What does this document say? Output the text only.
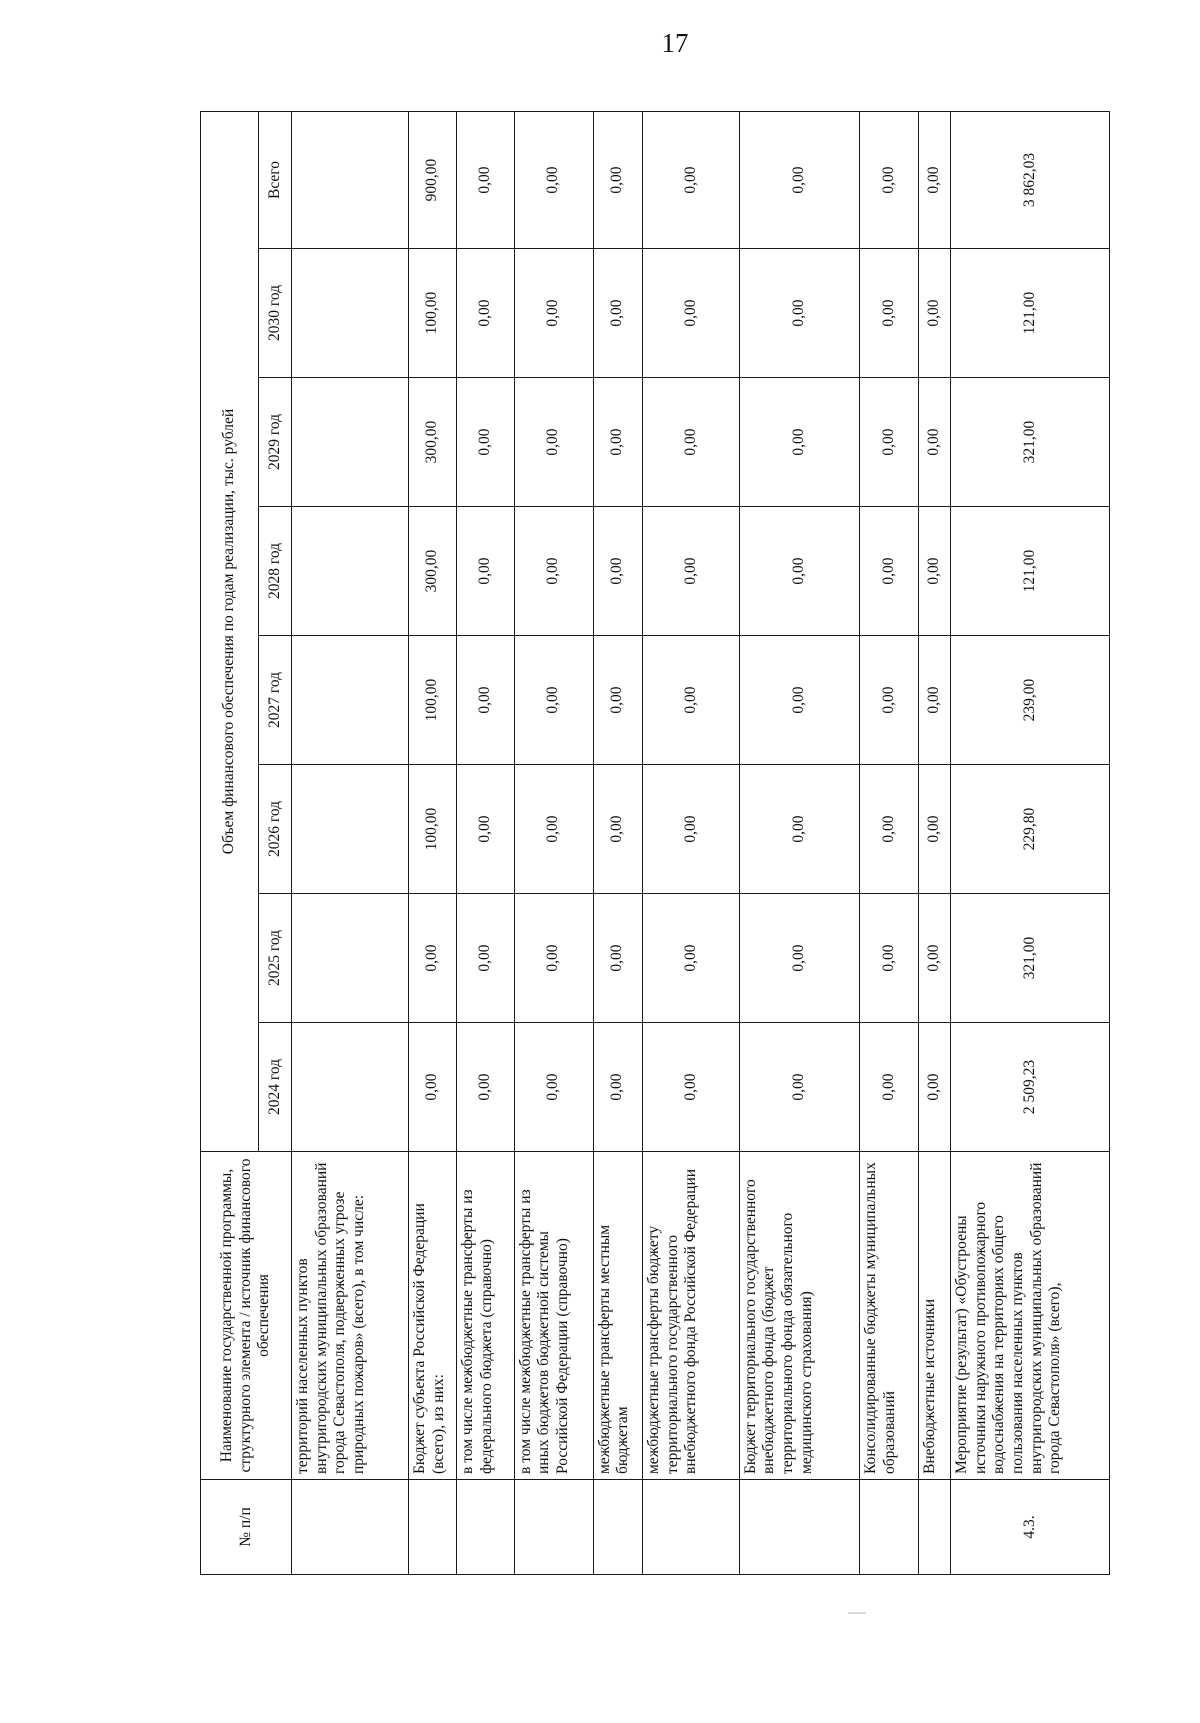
17
№ п/п	Наименование государственной программы, структурного элемента / источник финансового обеспечения	Объем финансового обеспечения по годам реализации, тыс. рублей							
		2024 год	2025 год	2026 год	2027 год	2028 год	2029 год	2030 год	Всего
	территорий населенных пунктов внутригородских муниципальных образований города Севастополя, подверженных угрозе природных пожаров» (всего), в том числе:								
	Бюджет субъекта Российской Федерации (всего), из них:	0,00	0,00	100,00	100,00	300,00	300,00	100,00	900,00
	в том числе межбюджетные трансферты из федерального бюджета (справочно)	0,00	0,00	0,00	0,00	0,00	0,00	0,00	0,00
	в том числе межбюджетные трансферты из иных бюджетов бюджетной системы Российской Федерации (справочно)	0,00	0,00	0,00	0,00	0,00	0,00	0,00	0,00
	межбюджетные трансферты местным бюджетам	0,00	0,00	0,00	0,00	0,00	0,00	0,00	0,00
	межбюджетные трансферты бюджету территориального государственного внебюджетного фонда Российской Федерации	0,00	0,00	0,00	0,00	0,00	0,00	0,00	0,00
	Бюджет территориального государственного внебюджетного фонда (бюджет территориального фонда обязательного медицинского страхования)	0,00	0,00	0,00	0,00	0,00	0,00	0,00	0,00
	Консолидированные бюджеты муниципальных образований	0,00	0,00	0,00	0,00	0,00	0,00	0,00	0,00
	Внебюджетные источники	0,00	0,00	0,00	0,00	0,00	0,00	0,00	0,00
4.3.	Мероприятие (результат) «Обустроены источники наружного противопожарного водоснабжения на территориях общего пользования населенных пунктов внутригородских муниципальных образований города Севастополя» (всего),	2 509,23	321,00	229,80	239,00	121,00	321,00	121,00	3 862,03
